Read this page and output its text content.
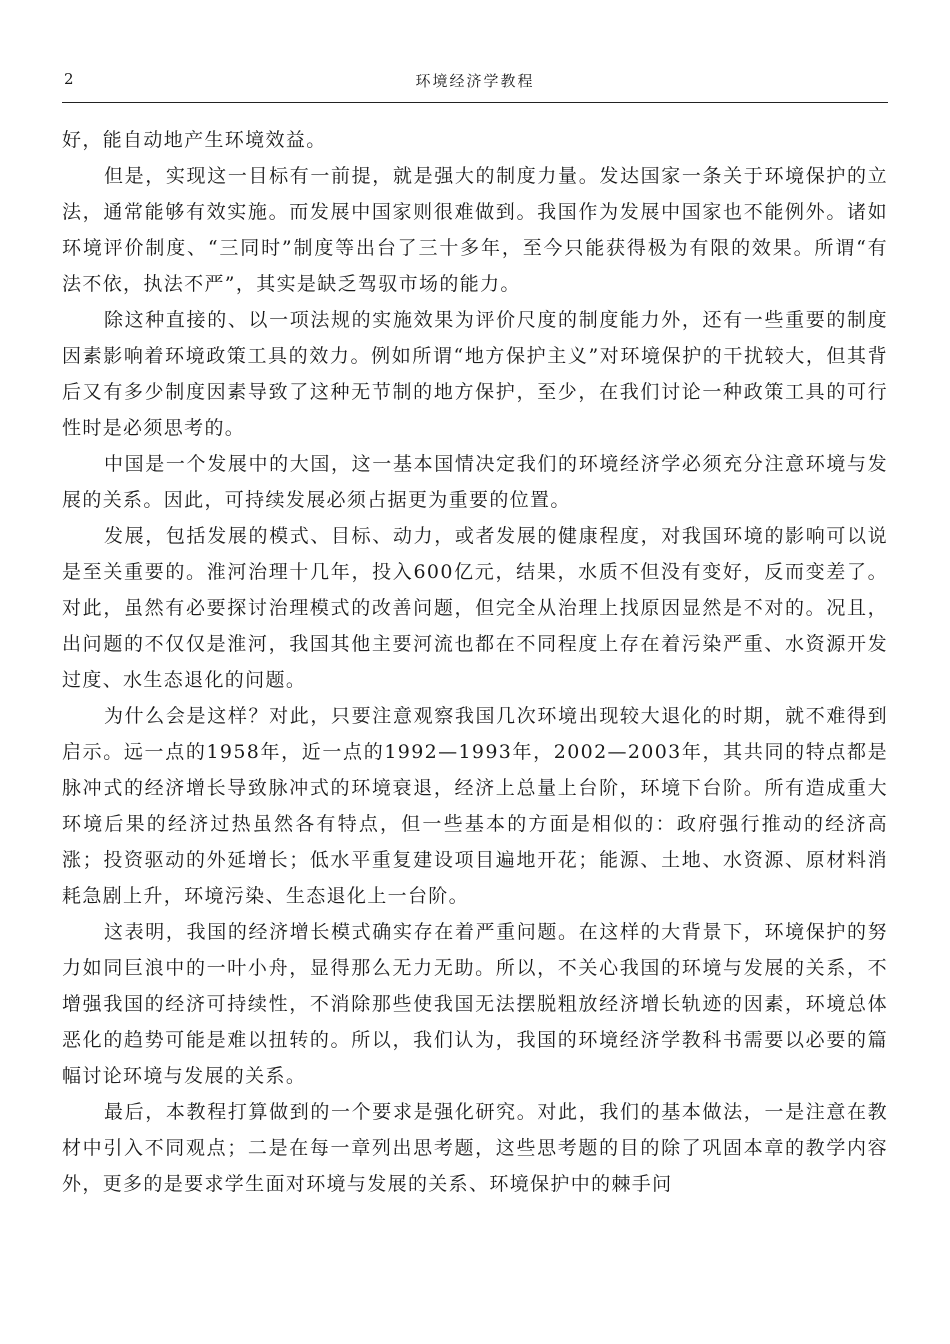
2	环境经济学教程

好，能自动地产生环境效益。

但是，实现这一目标有一前提，就是强大的制度力量。发达国家一条关于环境保护的立法，通常能够有效实施。而发展中国家则很难做到。我国作为发展中国家也不能例外。诸如环境评价制度、“三同时”制度等出台了三十多年，至今只能获得极为有限的效果。所谓“有法不依，执法不严”，其实是缺乏驾驭市场的能力。

除这种直接的、以一项法规的实施效果为评价尺度的制度能力外，还有一些重要的制度因素影响着环境政策工具的效力。例如所谓“地方保护主义”对环境保护的干扰较大，但其背后又有多少制度因素导致了这种无节制的地方保护，至少，在我们讨论一种政策工具的可行性时是必须思考的。

中国是一个发展中的大国，这一基本国情决定我们的环境经济学必须充分注意环境与发展的关系。因此，可持续发展必须占据更为重要的位置。

发展，包括发展的模式、目标、动力，或者发展的健康程度，对我国环境的影响可以说是至关重要的。淮河治理十几年，投入600亿元，结果，水质不但没有变好，反而变差了。对此，虽然有必要探讨治理模式的改善问题，但完全从治理上找原因显然是不对的。况且，出问题的不仅仅是淮河，我国其他主要河流也都在不同程度上存在着污染严重、水资源开发过度、水生态退化的问题。

为什么会是这样？对此，只要注意观察我国几次环境出现较大退化的时期，就不难得到启示。远一点的1958年，近一点的1992—1993年，2002—2003年，其共同的特点都是脉冲式的经济增长导致脉冲式的环境衰退，经济上总量上台阶，环境下台阶。所有造成重大环境后果的经济过热虽然各有特点，但一些基本的方面是相似的：政府强行推动的经济高涨；投资驱动的外延增长；低水平重复建设项目遍地开花；能源、土地、水资源、原材料消耗急剧上升，环境污染、生态退化上一台阶。

这表明，我国的经济增长模式确实存在着严重问题。在这样的大背景下，环境保护的努力如同巨浪中的一叶小舟，显得那么无力无助。所以，不关心我国的环境与发展的关系，不增强我国的经济可持续性，不消除那些使我国无法摆脱粗放经济增长轨迹的因素，环境总体恶化的趋势可能是难以扭转的。所以，我们认为，我国的环境经济学教科书需要以必要的篇幅讨论环境与发展的关系。

最后，本教程打算做到的一个要求是强化研究。对此，我们的基本做法，一是注意在教材中引入不同观点；二是在每一章列出思考题，这些思考题的目的除了巩固本章的教学内容外，更多的是要求学生面对环境与发展的关系、环境保护中的棘手问
